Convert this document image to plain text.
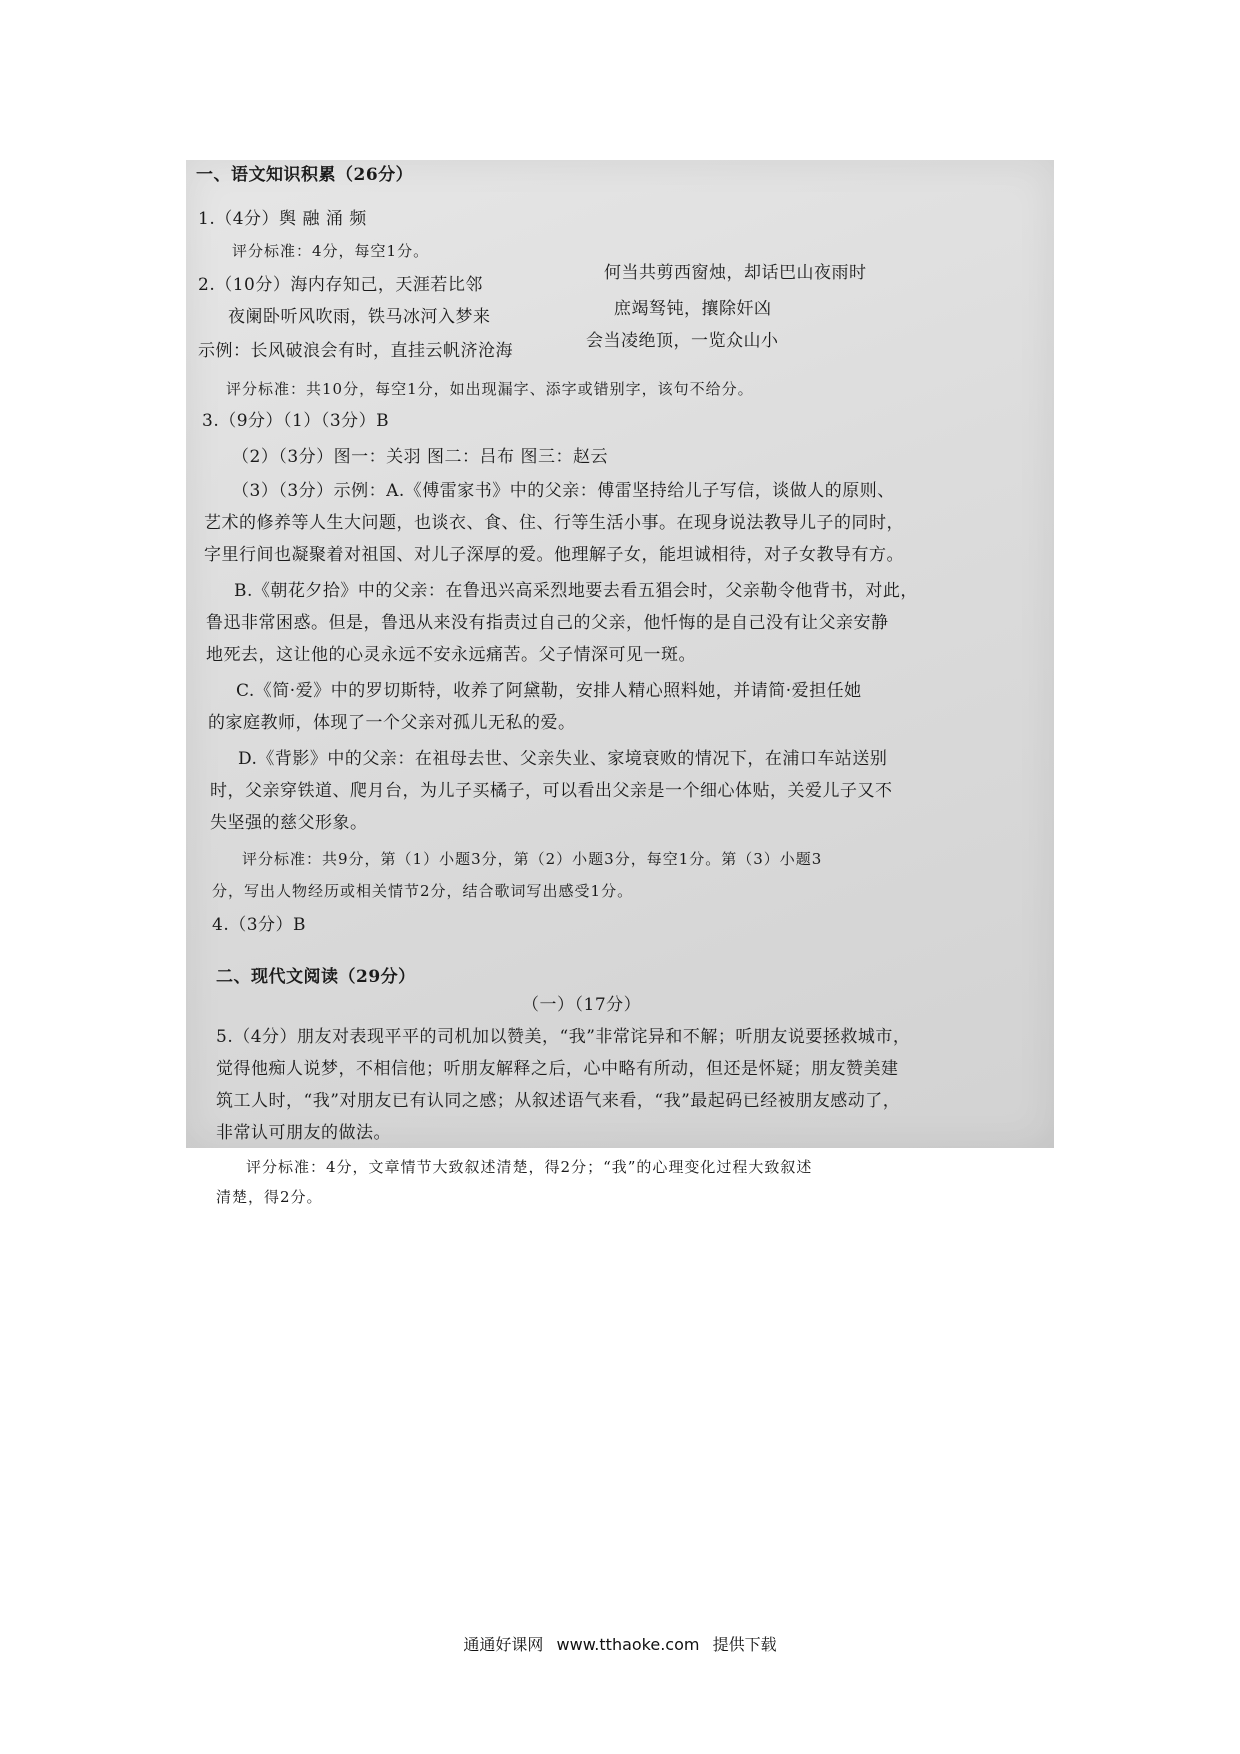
一、语文知识积累（26分）
1.（4分）舆 融 涌 频
评分标准：4分，每空1分。
2.（10分）海内存知己，天涯若比邻
何当共剪西窗烛，却话巴山夜雨时
夜阑卧听风吹雨，铁马冰河入梦来	庶竭驽钝，攘除奸凶
示例：长风破浪会有时，直挂云帆济沧海	会当凌绝顶，一览众山小
评分标准：共10分，每空1分，如出现漏字、添字或错别字，该句不给分。
3.（9分）（1）（3分）B
（2）（3分）图一：关羽 图二：吕布 图三：赵云
（3）（3分）示例：A.《傅雷家书》中的父亲：傅雷坚持给儿子写信，谈做人的原则、
艺术的修养等人生大问题，也谈衣、食、住、行等生活小事。在现身说法教导儿子的同时，
字里行间也凝聚着对祖国、对儿子深厚的爱。他理解子女，能坦诚相待，对子女教导有方。
B.《朝花夕拾》中的父亲：在鲁迅兴高采烈地要去看五猖会时，父亲勒令他背书，对此，
鲁迅非常困惑。但是，鲁迅从来没有指责过自己的父亲，他忏悔的是自己没有让父亲安静
地死去，这让他的心灵永远不安永远痛苦。父子情深可见一斑。
C.《简·爱》中的罗切斯特，收养了阿黛勒，安排人精心照料她，并请简·爱担任她
的家庭教师，体现了一个父亲对孤儿无私的爱。
D.《背影》中的父亲：在祖母去世、父亲失业、家境衰败的情况下，在浦口车站送别
时，父亲穿铁道、爬月台，为儿子买橘子，可以看出父亲是一个细心体贴，关爱儿子又不
失坚强的慈父形象。
评分标准：共9分，第（1）小题3分，第（2）小题3分，每空1分。第（3）小题3
分，写出人物经历或相关情节2分，结合歌词写出感受1分。
4.（3分）B
二、现代文阅读（29分）
（一）（17分）
5.（4分）朋友对表现平平的司机加以赞美，“我”非常诧异和不解；听朋友说要拯救城市，
觉得他痴人说梦，不相信他；听朋友解释之后，心中略有所动，但还是怀疑；朋友赞美建
筑工人时，“我”对朋友已有认同之感；从叙述语气来看，“我”最起码已经被朋友感动了，
非常认可朋友的做法。
评分标准：4分，文章情节大致叙述清楚，得2分；“我”的心理变化过程大致叙述
清楚，得2分。
通通好课网 www.tthaoke.com 提供下载
